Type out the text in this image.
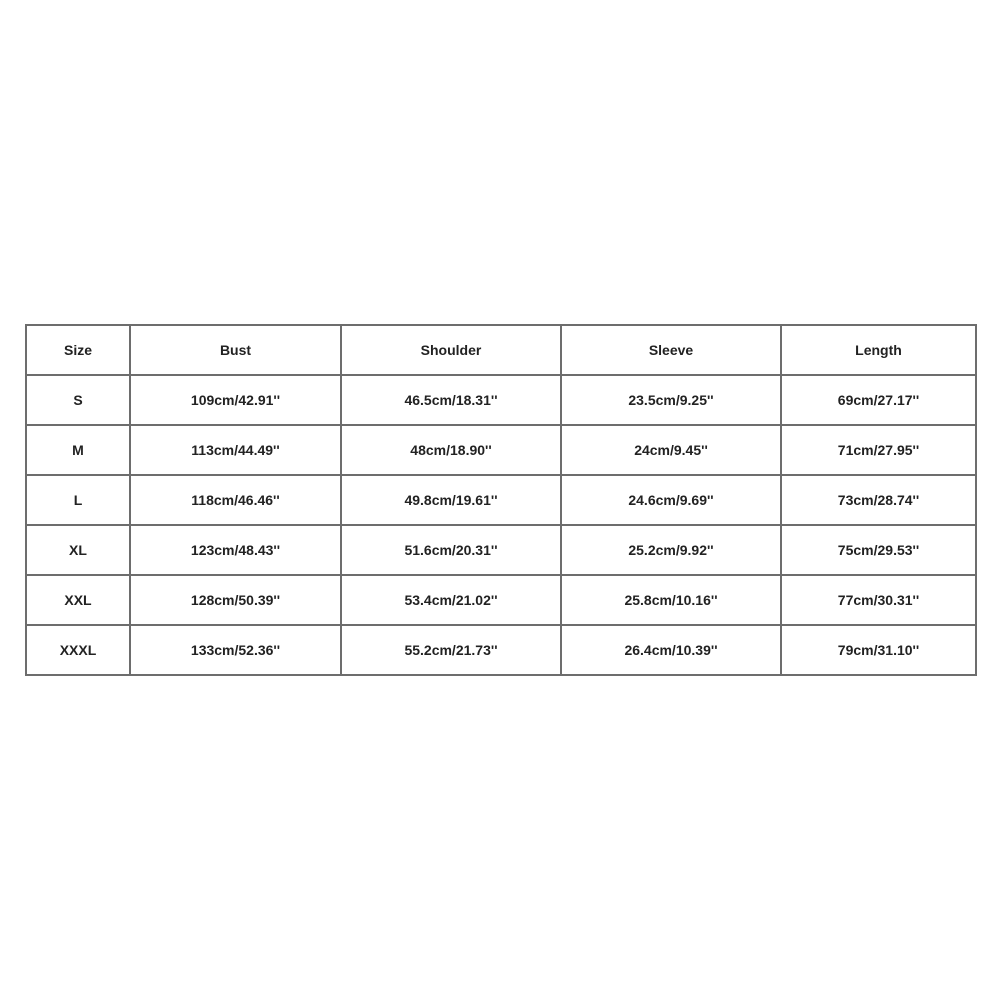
Size	Bust	Shoulder	Sleeve	Length
S	109cm/42.91''	46.5cm/18.31''	23.5cm/9.25''	69cm/27.17''
M	113cm/44.49''	48cm/18.90''	24cm/9.45''	71cm/27.95''
L	118cm/46.46''	49.8cm/19.61''	24.6cm/9.69''	73cm/28.74''
XL	123cm/48.43''	51.6cm/20.31''	25.2cm/9.92''	75cm/29.53''
XXL	128cm/50.39''	53.4cm/21.02''	25.8cm/10.16''	77cm/30.31''
XXXL	133cm/52.36''	55.2cm/21.73''	26.4cm/10.39''	79cm/31.10''
